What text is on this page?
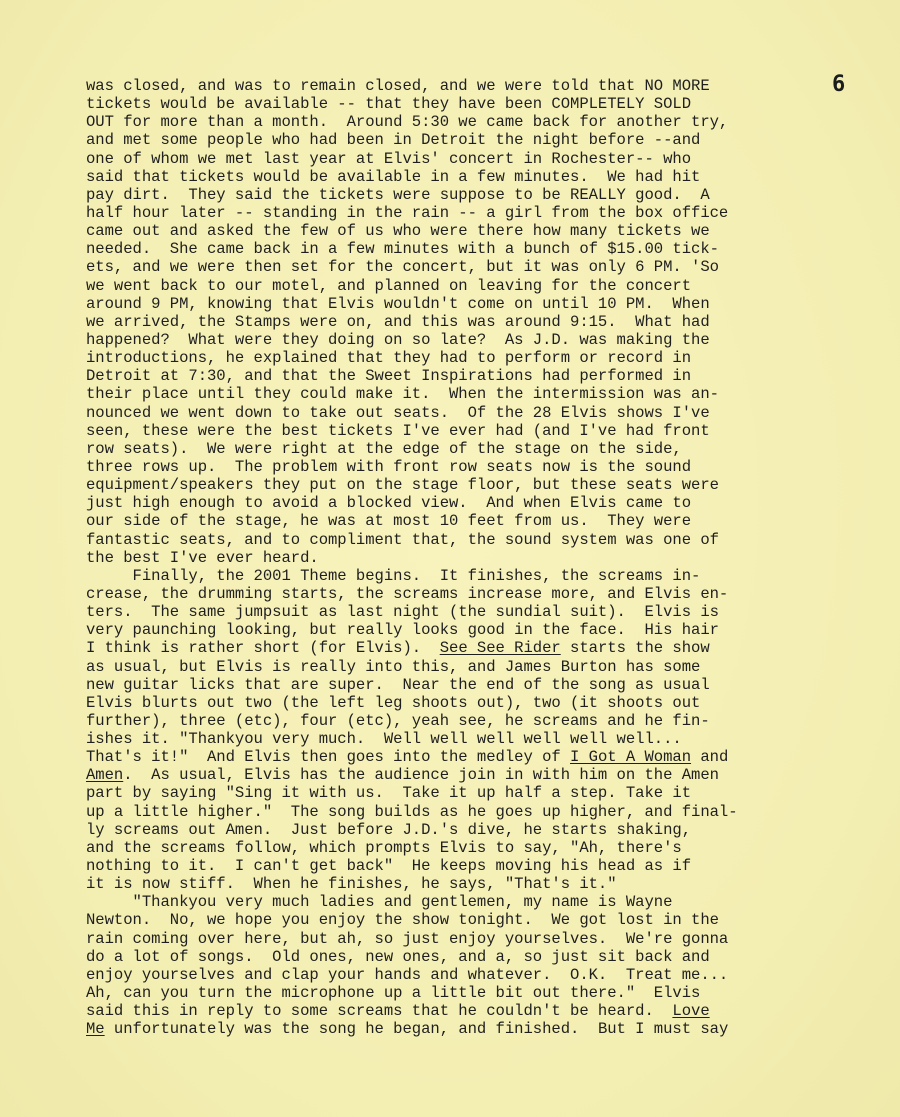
6
was closed, and was to remain closed, and we were told that NO MORE
tickets would be available -- that they have been COMPLETELY SOLD
OUT for more than a month.  Around 5:30 we came back for another try,
and met some people who had been in Detroit the night before --and
one of whom we met last year at Elvis' concert in Rochester-- who
said that tickets would be available in a few minutes.  We had hit
pay dirt.  They said the tickets were suppose to be REALLY good.  A
half hour later -- standing in the rain -- a girl from the box office
came out and asked the few of us who were there how many tickets we
needed.  She came back in a few minutes with a bunch of $15.00 tick-
ets, and we were then set for the concert, but it was only 6 PM. 'So
we went back to our motel, and planned on leaving for the concert
around 9 PM, knowing that Elvis wouldn't come on until 10 PM.  When
we arrived, the Stamps were on, and this was around 9:15.  What had
happened?  What were they doing on so late?  As J.D. was making the
introductions, he explained that they had to perform or record in
Detroit at 7:30, and that the Sweet Inspirations had performed in
their place until they could make it.  When the intermission was an-
nounced we went down to take out seats.  Of the 28 Elvis shows I've
seen, these were the best tickets I've ever had (and I've had front
row seats).  We were right at the edge of the stage on the side,
three rows up.  The problem with front row seats now is the sound
equipment/speakers they put on the stage floor, but these seats were
just high enough to avoid a blocked view.  And when Elvis came to
our side of the stage, he was at most 10 feet from us.  They were
fantastic seats, and to compliment that, the sound system was one of
the best I've ever heard.
Finally, the 2001 Theme begins.  It finishes, the screams in-
crease, the drumming starts, the screams increase more, and Elvis en-
ters.  The same jumpsuit as last night (the sundial suit).  Elvis is
very paunching looking, but really looks good in the face.  His hair
I think is rather short (for Elvis).  See See Rider starts the show
as usual, but Elvis is really into this, and James Burton has some
new guitar licks that are super.  Near the end of the song as usual
Elvis blurts out two (the left leg shoots out), two (it shoots out
further), three (etc), four (etc), yeah see, he screams and he fin-
ishes it. "Thankyou very much.  Well well well well well well...
That's it!"  And Elvis then goes into the medley of I Got A Woman and
Amen.  As usual, Elvis has the audience join in with him on the Amen
part by saying "Sing it with us.  Take it up half a step. Take it
up a little higher."  The song builds as he goes up higher, and final-
ly screams out Amen.  Just before J.D.'s dive, he starts shaking,
and the screams follow, which prompts Elvis to say, "Ah, there's
nothing to it.  I can't get back"  He keeps moving his head as if
it is now stiff.  When he finishes, he says, "That's it."
"Thankyou very much ladies and gentlemen, my name is Wayne
Newton.  No, we hope you enjoy the show tonight.  We got lost in the
rain coming over here, but ah, so just enjoy yourselves.  We're gonna
do a lot of songs.  Old ones, new ones, and a, so just sit back and
enjoy yourselves and clap your hands and whatever.  O.K.  Treat me...
Ah, can you turn the microphone up a little bit out there."  Elvis
said this in reply to some screams that he couldn't be heard.  Love
Me unfortunately was the song he began, and finished.  But I must say
